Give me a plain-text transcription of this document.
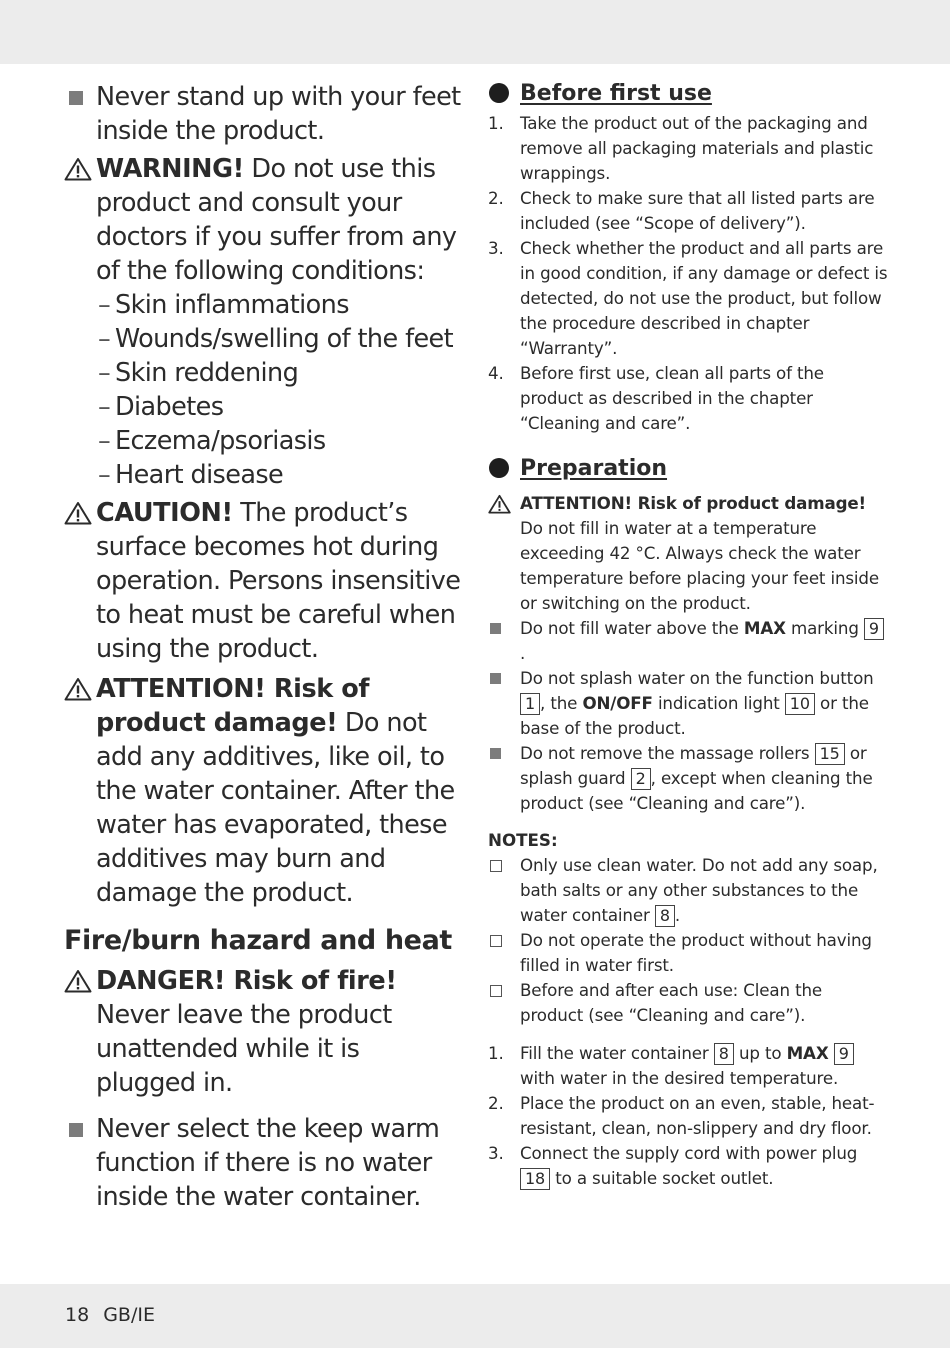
Never stand up with your feet inside the product.

WARNING! Do not use this product and consult your doctors if you suffer from any of the following conditions:
– Skin inflammations
– Wounds/swelling of the feet
– Skin reddening
– Diabetes
– Eczema/psoriasis
– Heart disease

CAUTION! The product’s surface becomes hot during operation. Persons insensitive to heat must be careful when using the product.

ATTENTION! Risk of product damage! Do not add any additives, like oil, to the water container. After the water has evaporated, these additives may burn and damage the product.

Fire/burn hazard and heat

DANGER! Risk of fire! Never leave the product unattended while it is plugged in.

Never select the keep warm function if there is no water inside the water container.

Before first use

1. Take the product out of the packaging and remove all packaging materials and plastic wrappings.

2. Check to make sure that all listed parts are included (see “Scope of delivery”).

3. Check whether the product and all parts are in good condition, if any damage or defect is detected, do not use the product, but follow the procedure described in chapter “Warranty”.

4. Before first use, clean all parts of the product as described in the chapter “Cleaning and care”.

Preparation

ATTENTION! Risk of product damage!
Do not fill in water at a temperature exceeding 42 °C. Always check the water temperature before placing your feet inside or switching on the product.

Do not fill water above the MAX marking 9.

Do not splash water on the function button 1 , the ON/OFF indication light 10 or the base of the product.

Do not remove the massage rollers 15 or splash guard 2 , except when cleaning the product (see “Cleaning and care”).

NOTES:

Only use clean water. Do not add any soap, bath salts or any other substances to the water container 8 .

Do not operate the product without having filled in water first.

Before and after each use: Clean the product (see “Cleaning and care”).

1. Fill the water container 8 up to MAX 9 with water in the desired temperature.

2. Place the product on an even, stable, heat-resistant, clean, non-slippery and dry floor.

3. Connect the supply cord with power plug 18 to a suitable socket outlet.

18 GB/IE
